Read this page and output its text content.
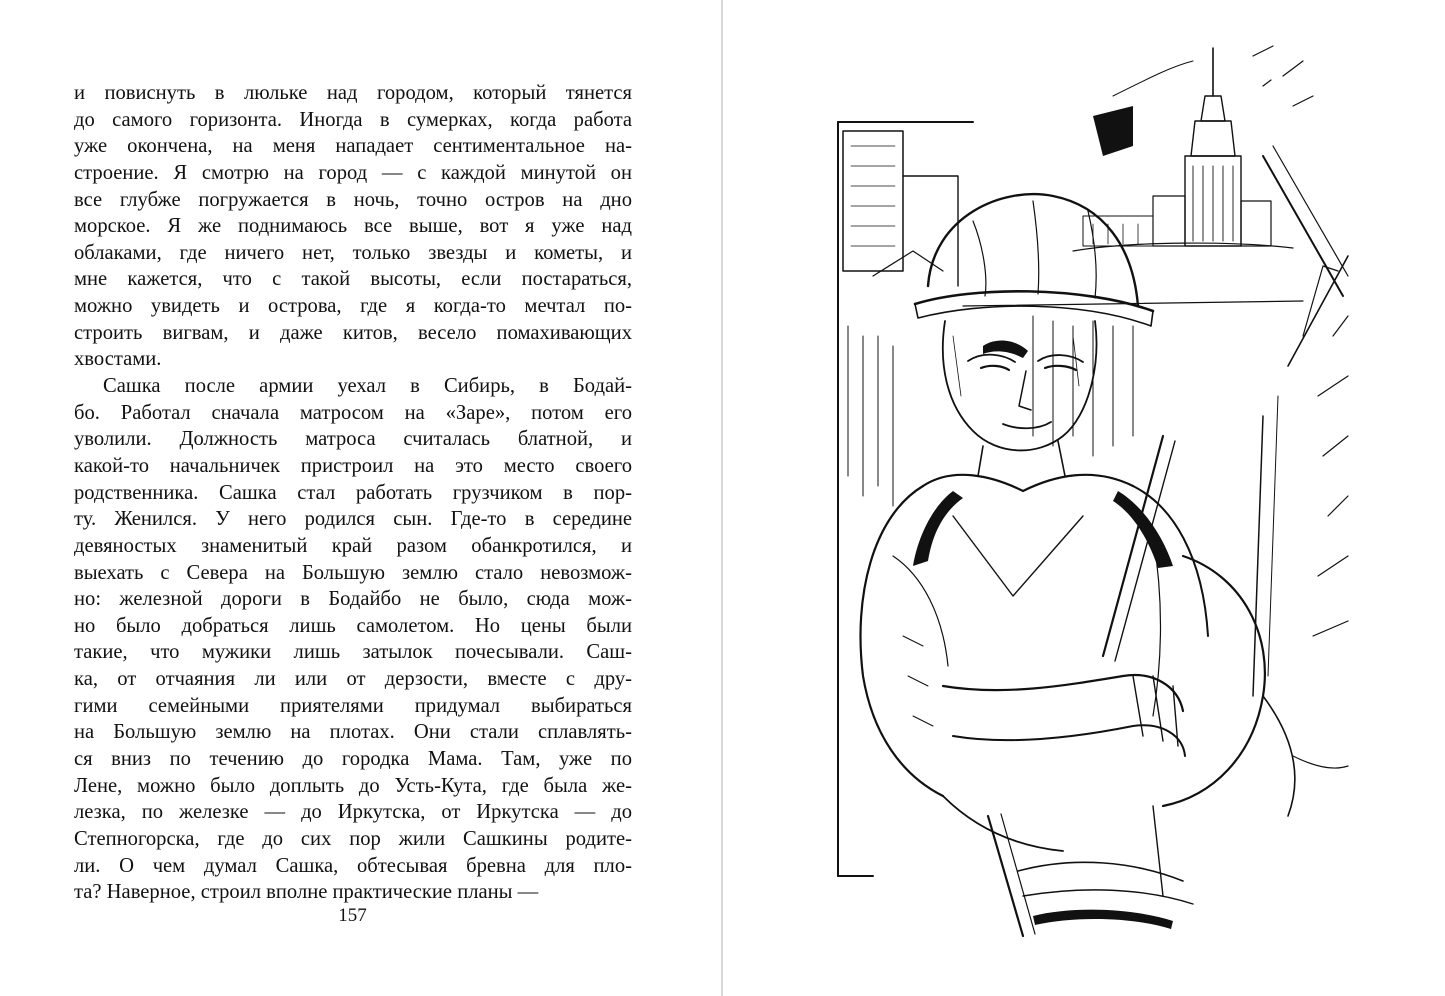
и повиснуть в люльке над городом, который тянется
до самого горизонта. Иногда в сумерках, когда работа
уже окончена, на меня нападает сентиментальное на-
строение. Я смотрю на город — с каждой минутой он
все глубже погружается в ночь, точно остров на дно
морское. Я же поднимаюсь все выше, вот я уже над
облаками, где ничего нет, только звезды и кометы, и
мне кажется, что с такой высоты, если постараться,
можно увидеть и острова, где я когда-то мечтал по-
строить вигвам, и даже китов, весело помахивающих
хвостами.
Сашка после армии уехал в Сибирь, в Бодай-
бо. Работал сначала матросом на «Заре», потом его
уволили. Должность матроса считалась блатной, и
какой-то начальничек пристроил на это место своего
родственника. Сашка стал работать грузчиком в пор-
ту. Женился. У него родился сын. Где-то в середине
девяностых знаменитый край разом обанкротился, и
выехать с Севера на Большую землю стало невозмож-
но: железной дороги в Бодайбо не было, сюда мож-
но было добраться лишь самолетом. Но цены были
такие, что мужики лишь затылок почесывали. Саш-
ка, от отчаяния ли или от дерзости, вместе с дру-
гими семейными приятелями придумал выбираться
на Большую землю на плотах. Они стали сплавлять-
ся вниз по течению до городка Мама. Там, уже по
Лене, можно было доплыть до Усть-Кута, где была же-
лезка, по железке — до Иркутска, от Иркутска — до
Степногорска, где до сих пор жили Сашкины родите-
ли. О чем думал Сашка, обтесывая бревна для пло-
та? Наверное, строил вполне практические планы —
157
